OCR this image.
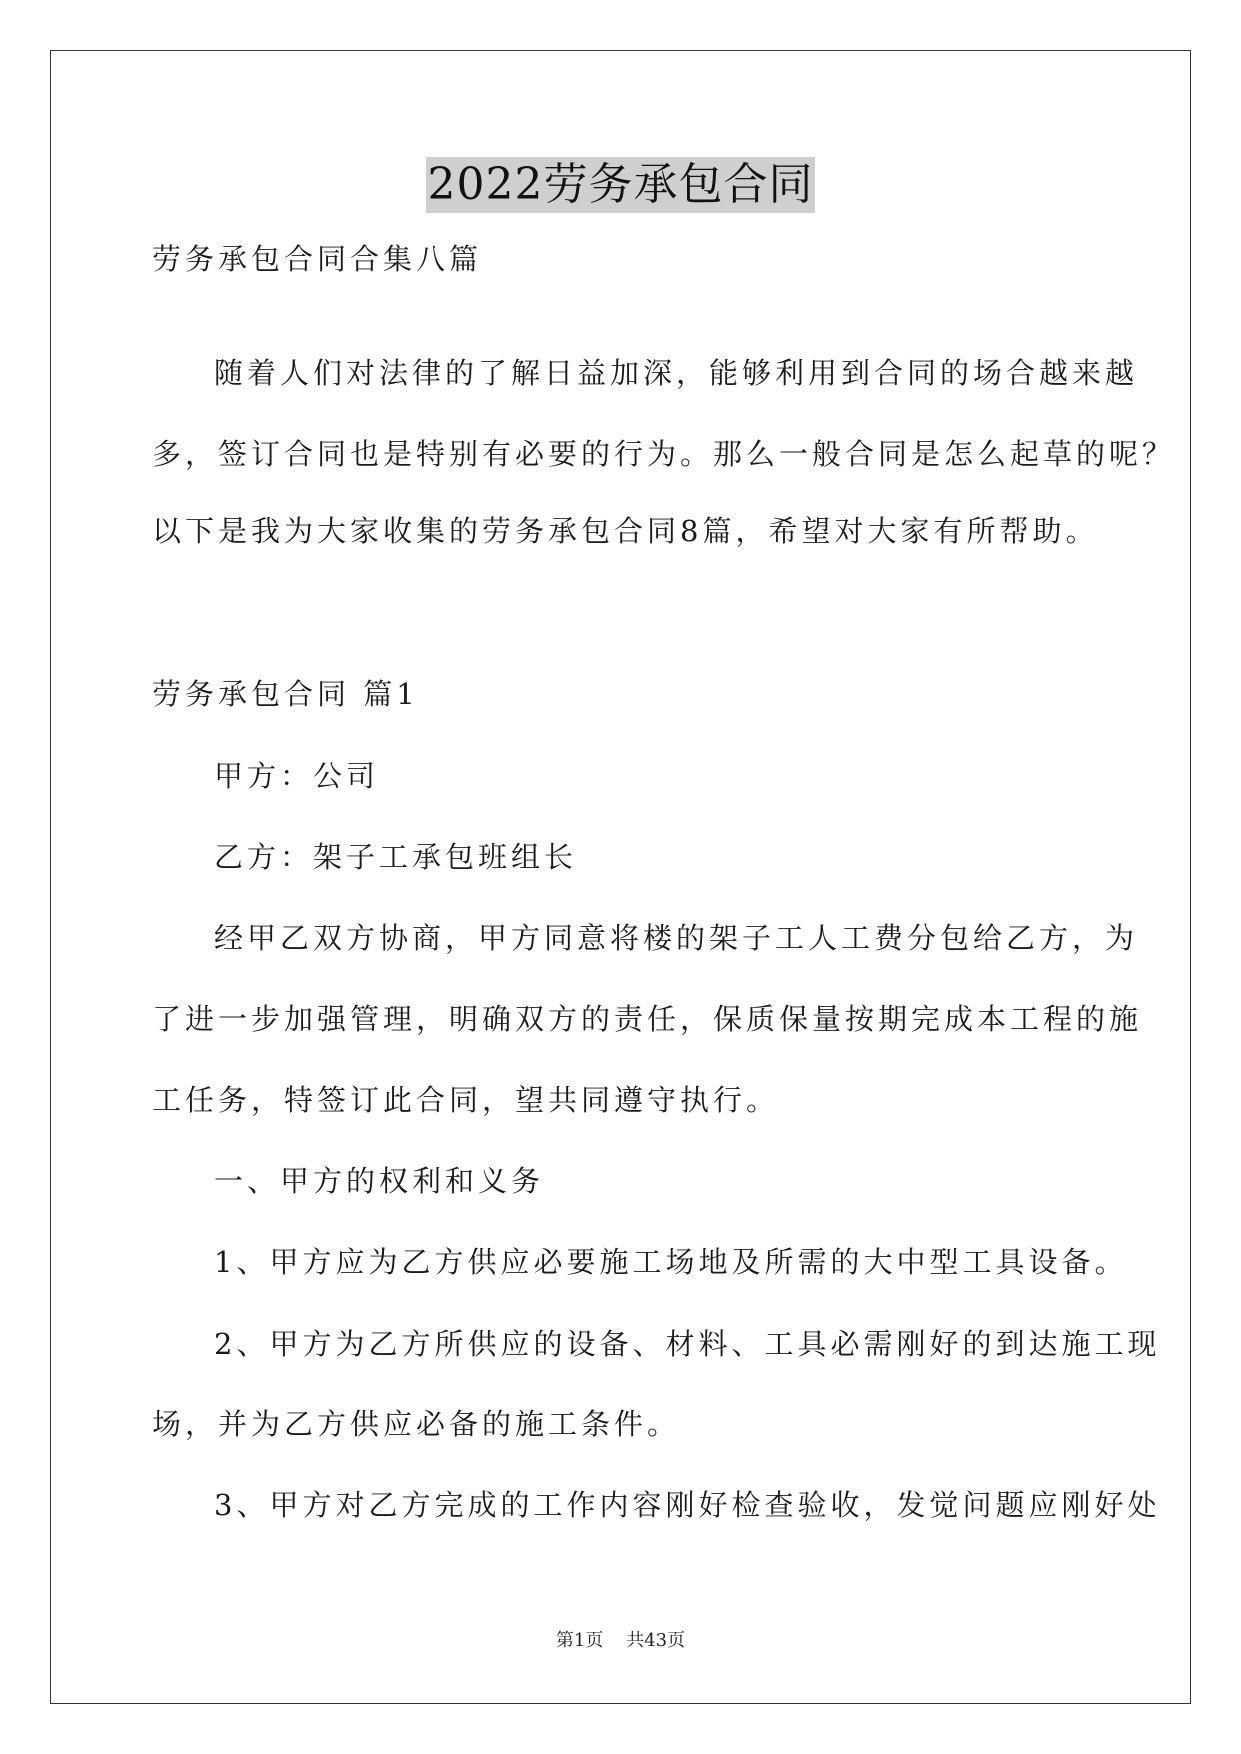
2022劳务承包合同
劳务承包合同合集八篇
随着人们对法律的了解日益加深，能够利用到合同的场合越来越
多，签订合同也是特别有必要的行为。那么一般合同是怎么起草的呢？
以下是我为大家收集的劳务承包合同8篇，希望对大家有所帮助。
劳务承包合同 篇1
甲方：公司
乙方：架子工承包班组长
经甲乙双方协商，甲方同意将楼的架子工人工费分包给乙方，为
了进一步加强管理，明确双方的责任，保质保量按期完成本工程的施
工任务，特签订此合同，望共同遵守执行。
一、甲方的权利和义务
1、甲方应为乙方供应必要施工场地及所需的大中型工具设备。
2、甲方为乙方所供应的设备、材料、工具必需刚好的到达施工现
场，并为乙方供应必备的施工条件。
3、甲方对乙方完成的工作内容刚好检查验收，发觉问题应刚好处
第1页    共43页
